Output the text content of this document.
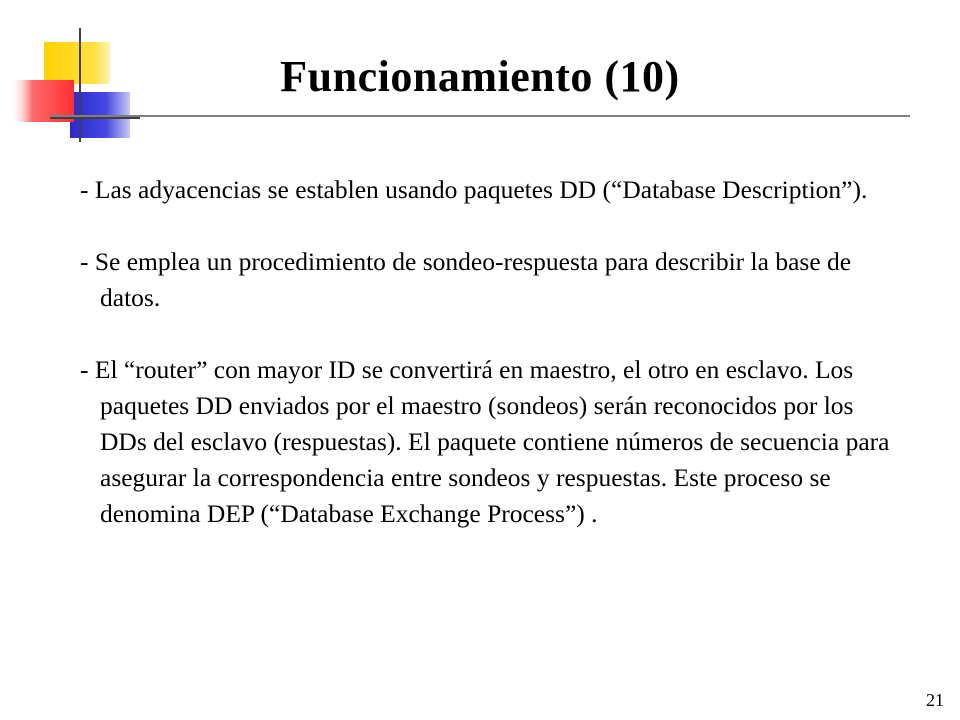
Funcionamiento (10)

- Las adyacencias se establen usando paquetes DD (“Database Description”).

- Se emplea un procedimiento de sondeo-respuesta para describir la base de datos.

- El “router” con mayor ID se convertirá en maestro, el otro en esclavo. Los paquetes DD enviados por el maestro (sondeos) serán reconocidos por los DDs del esclavo (respuestas). El paquete contiene números de secuencia para asegurar la correspondencia entre sondeos y respuestas. Este proceso se denomina DEP (“Database Exchange Process”) .

21
